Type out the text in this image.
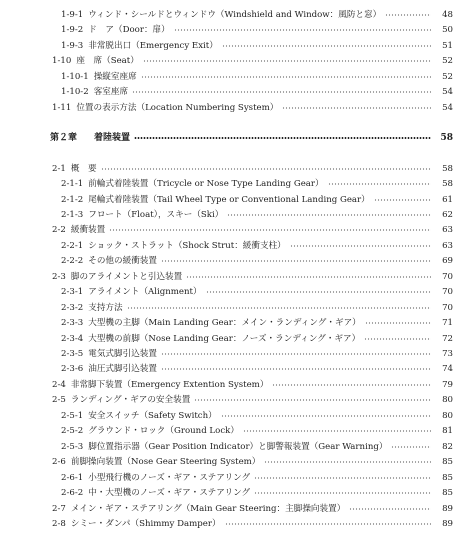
1-9-1 ウィンド・シールドとウィンドウ（Windshield and Window：風防と窓）	48
1-9-2 ド　ア（Door：扉）	50
1-9-3 非常脱出口（Emergency Exit）	51
1-10 座　席（Seat）	52
1-10-1 操縦室座席	52
1-10-2 客室座席	54
1-11 位置の表示方法（Location Numbering System）	54
第２章	着陸装置	58
2-1 概　要	58
2-1-1 前輪式着陸装置（Tricycle or Nose Type Landing Gear）	58
2-1-2 尾輪式着陸装置（Tail Wheel Type or Conventional Landing Gear）	61
2-1-3 フロート（Float），スキー（Ski）	62
2-2 緩衝装置	63
2-2-1 ショック・ストラット（Shock Strut：緩衝支柱）	63
2-2-2 その他の緩衝装置	69
2-3 脚のアライメントと引込装置	70
2-3-1 アライメント（Alignment）	70
2-3-2 支持方法	70
2-3-3 大型機の主脚（Main Landing Gear：メイン・ランディング・ギア）	71
2-3-4 大型機の前脚（Nose Landing Gear：ノーズ・ランディング・ギア）	72
2-3-5 電気式脚引込装置	73
2-3-6 油圧式脚引込装置	74
2-4 非常脚下装置（Emergency Extention System）	79
2-5 ランディング・ギアの安全装置	80
2-5-1 安全スイッチ（Safety Switch）	80
2-5-2 グラウンド・ロック（Ground Lock）	81
2-5-3 脚位置指示器（Gear Position Indicator）と脚警報装置（Gear Warning）	82
2-6 前脚操向装置（Nose Gear Steering System）	85
2-6-1 小型飛行機のノーズ・ギア・ステアリング	85
2-6-2 中・大型機のノーズ・ギア・ステアリング	85
2-7 メイン・ギア・ステアリング（Main Gear Steering：主脚操向装置）	89
2-8 シミー・ダンパ（Shimmy Damper）	89
